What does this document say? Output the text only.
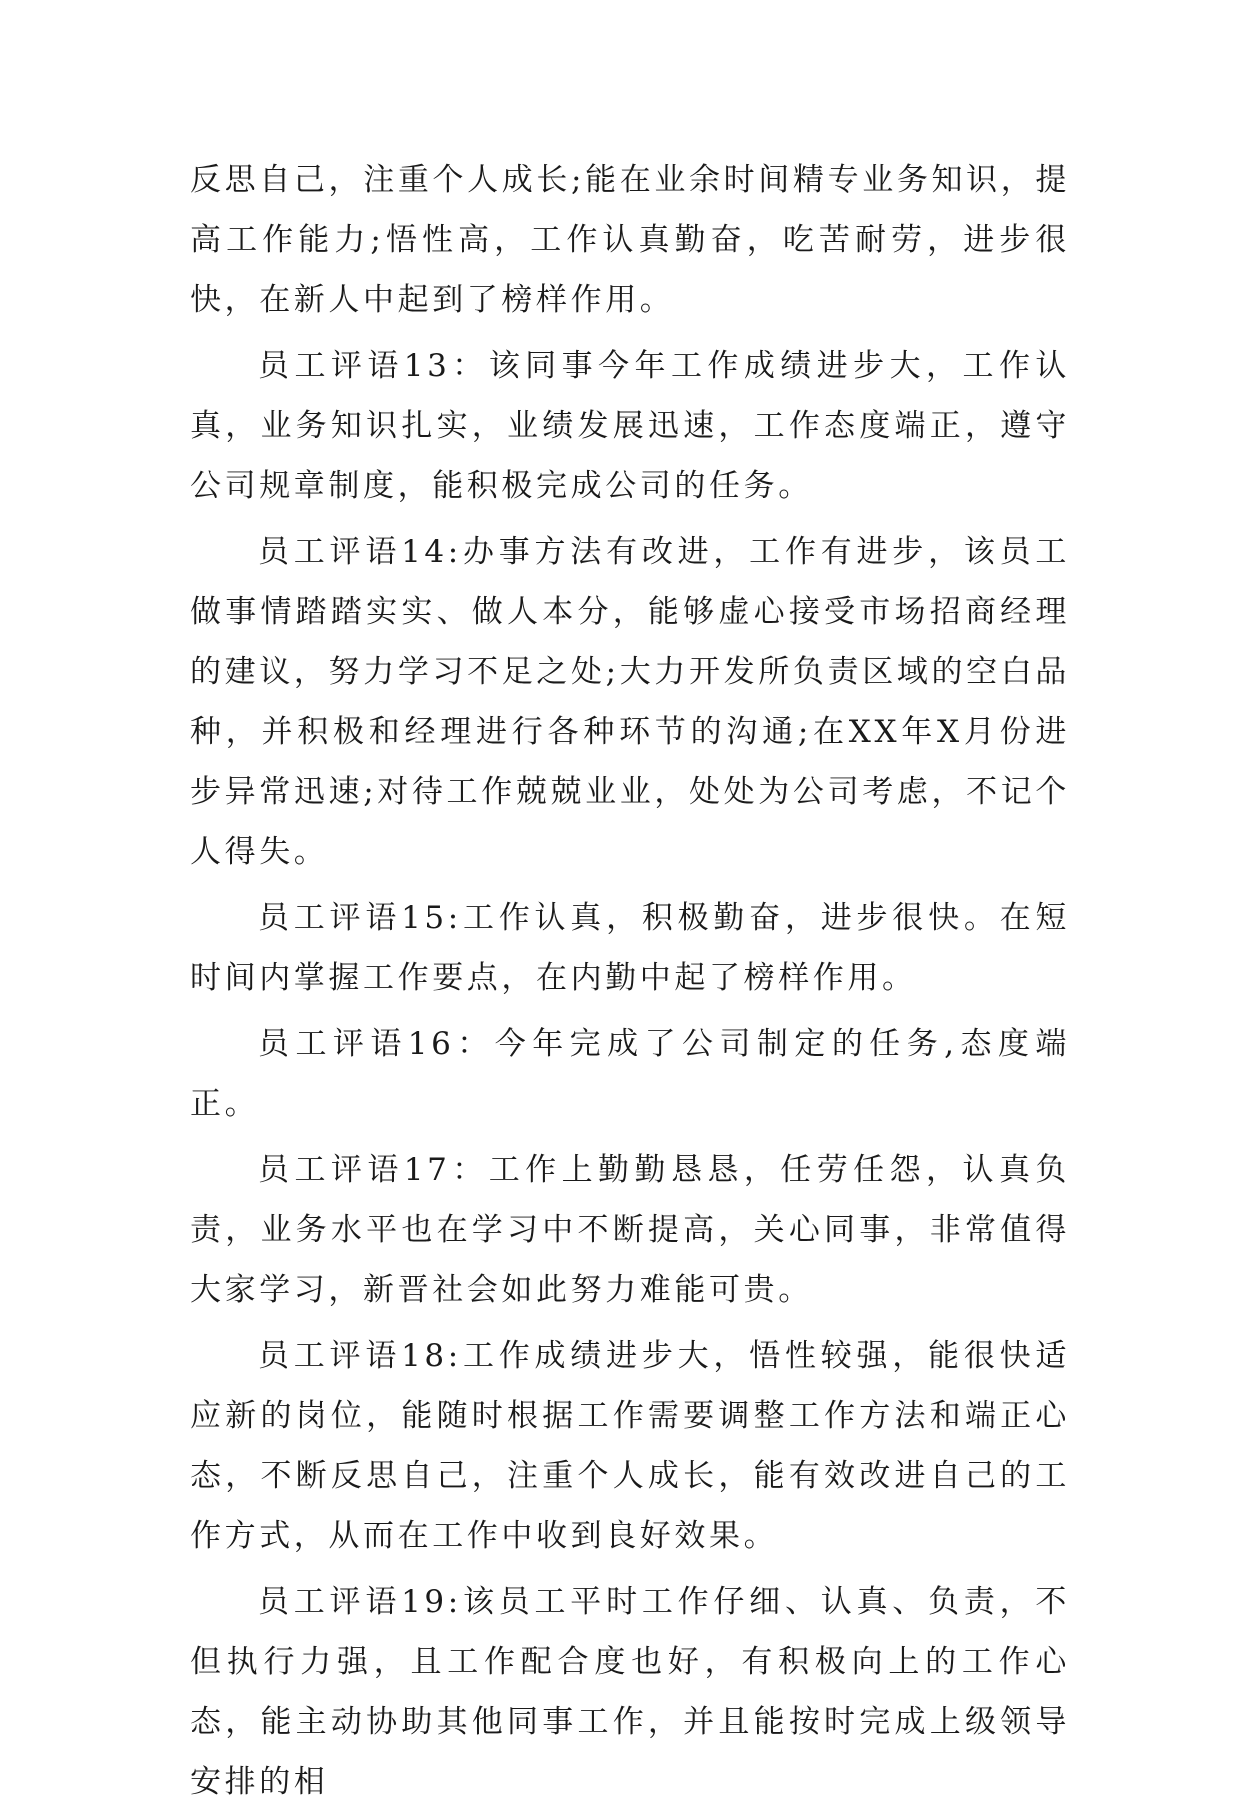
反思自己，注重个人成长;能在业余时间精专业务知识，提高工作能力;悟性高，工作认真勤奋，吃苦耐劳，进步很快，在新人中起到了榜样作用。

员工评语13：该同事今年工作成绩进步大，工作认真，业务知识扎实，业绩发展迅速，工作态度端正，遵守公司规章制度，能积极完成公司的任务。

员工评语14:办事方法有改进，工作有进步，该员工做事情踏踏实实、做人本分，能够虚心接受市场招商经理的建议，努力学习不足之处;大力开发所负责区域的空白品种，并积极和经理进行各种环节的沟通;在XX年X月份进步异常迅速;对待工作兢兢业业，处处为公司考虑，不记个人得失。

员工评语15:工作认真，积极勤奋，进步很快。在短时间内掌握工作要点，在内勤中起了榜样作用。

员工评语16：今年完成了公司制定的任务,态度端正。

员工评语17：工作上勤勤恳恳，任劳任怨，认真负责，业务水平也在学习中不断提高，关心同事，非常值得大家学习，新晋社会如此努力难能可贵。

员工评语18:工作成绩进步大，悟性较强，能很快适应新的岗位，能随时根据工作需要调整工作方法和端正心态，不断反思自己，注重个人成长，能有效改进自己的工作方式，从而在工作中收到良好效果。

员工评语19:该员工平时工作仔细、认真、负责，不但执行力强，且工作配合度也好，有积极向上的工作心态，能主动协助其他同事工作，并且能按时完成上级领导安排的相
